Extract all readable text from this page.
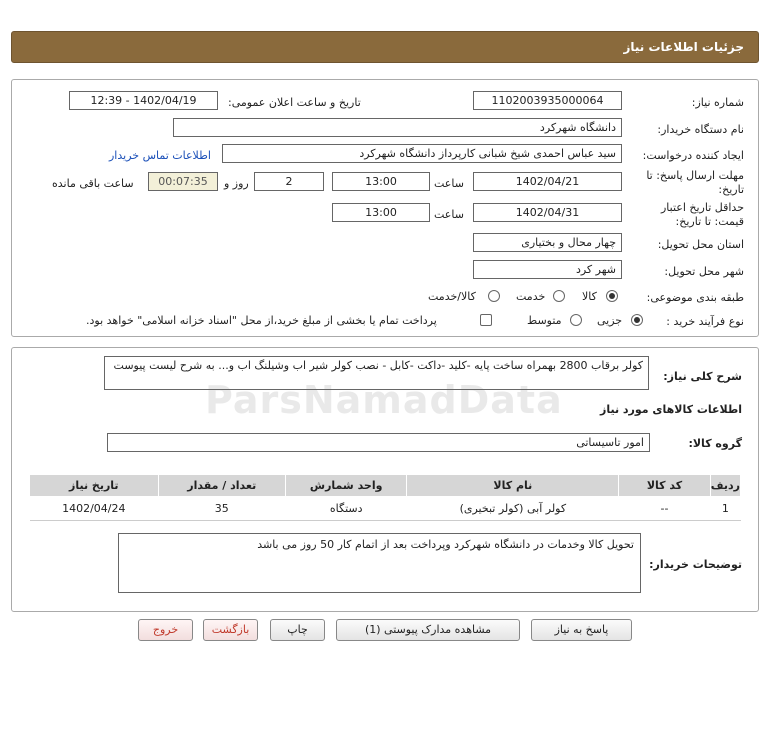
جزئیات اطلاعات نیاز
شماره نیاز:
1102003935000064
تاریخ و ساعت اعلان عمومی:
1402/04/19 - 12:39
نام دستگاه خریدار:
دانشگاه شهرکرد
ایجاد کننده درخواست:
سید عباس احمدی شیخ شبانی کارپرداز دانشگاه شهرکرد
اطلاعات تماس خریدار
مهلت ارسال پاسخ: تا
تاریخ:
1402/04/21
ساعت
13:00
2
روز و
00:07:35
ساعت باقی مانده
حداقل تاریخ اعتبار
قیمت: تا تاریخ:
1402/04/31
ساعت
13:00
استان محل تحویل:
چهار محال و بختیاری
شهر محل تحویل:
شهر کرد
طبقه بندی موضوعی:
کالا
خدمت
کالا/خدمت
نوع فرآیند خرید :
جزیی
متوسط
پرداخت تمام یا بخشی از مبلغ خرید،از محل "اسناد خزانه اسلامی" خواهد بود.
شرح کلی نیاز:
کولر برقاب 2800 بهمراه ساخت پایه -کلید -داکت -کابل - نصب کولر شیر اب وشیلنگ اب و... به شرح لیست پیوست
اطلاعات کالاهای مورد نیاز
گروه کالا:
امور تاسیساتی
ردیف	کد کالا	نام کالا	واحد شمارش	تعداد / مقدار	تاریخ نیاز
1	--	کولر آبی (کولر تبخیری)	دستگاه	35	1402/04/24
توضیحات خریدار:
تحویل کالا وخدمات در دانشگاه شهرکرد وپرداخت بعد از اتمام کار 50 روز می باشد
پاسخ به نیاز
مشاهده مدارک پیوستی (1)
چاپ
بازگشت
خروج
